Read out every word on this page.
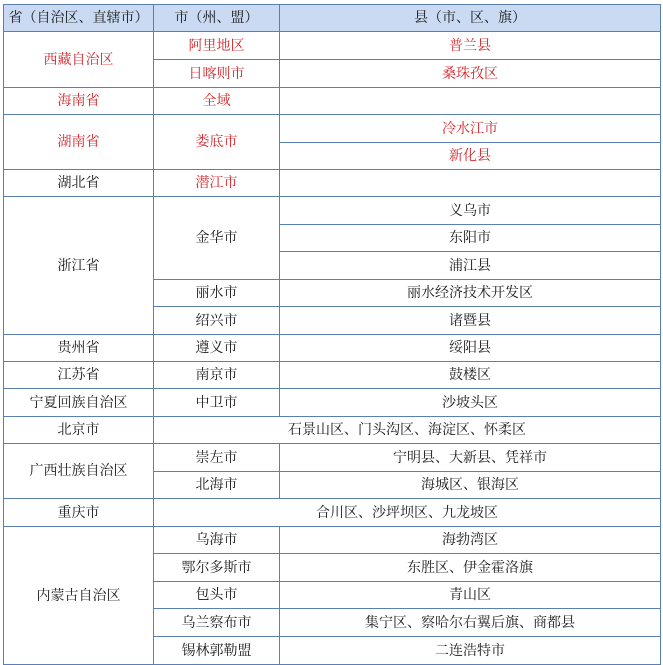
省（自治区、直辖市）	市（州、盟）	县（市、区、旗）
西藏自治区	阿里地区	普兰县
	日喀则市	桑珠孜区
海南省	全域	
湖南省	娄底市	冷水江市
		新化县
湖北省	潜江市	
浙江省	金华市	义乌市
		东阳市
		浦江县
	丽水市	丽水经济技术开发区
	绍兴市	诸暨县
贵州省	遵义市	绥阳县
江苏省	南京市	鼓楼区
宁夏回族自治区	中卫市	沙坡头区
北京市	石景山区、门头沟区、海淀区、怀柔区	
广西壮族自治区	崇左市	宁明县、大新县、凭祥市
	北海市	海城区、银海区
重庆市	合川区、沙坪坝区、九龙坡区	
内蒙古自治区	乌海市	海勃湾区
	鄂尔多斯市	东胜区、伊金霍洛旗
	包头市	青山区
	乌兰察布市	集宁区、察哈尔右翼后旗、商都县
	锡林郭勒盟	二连浩特市
